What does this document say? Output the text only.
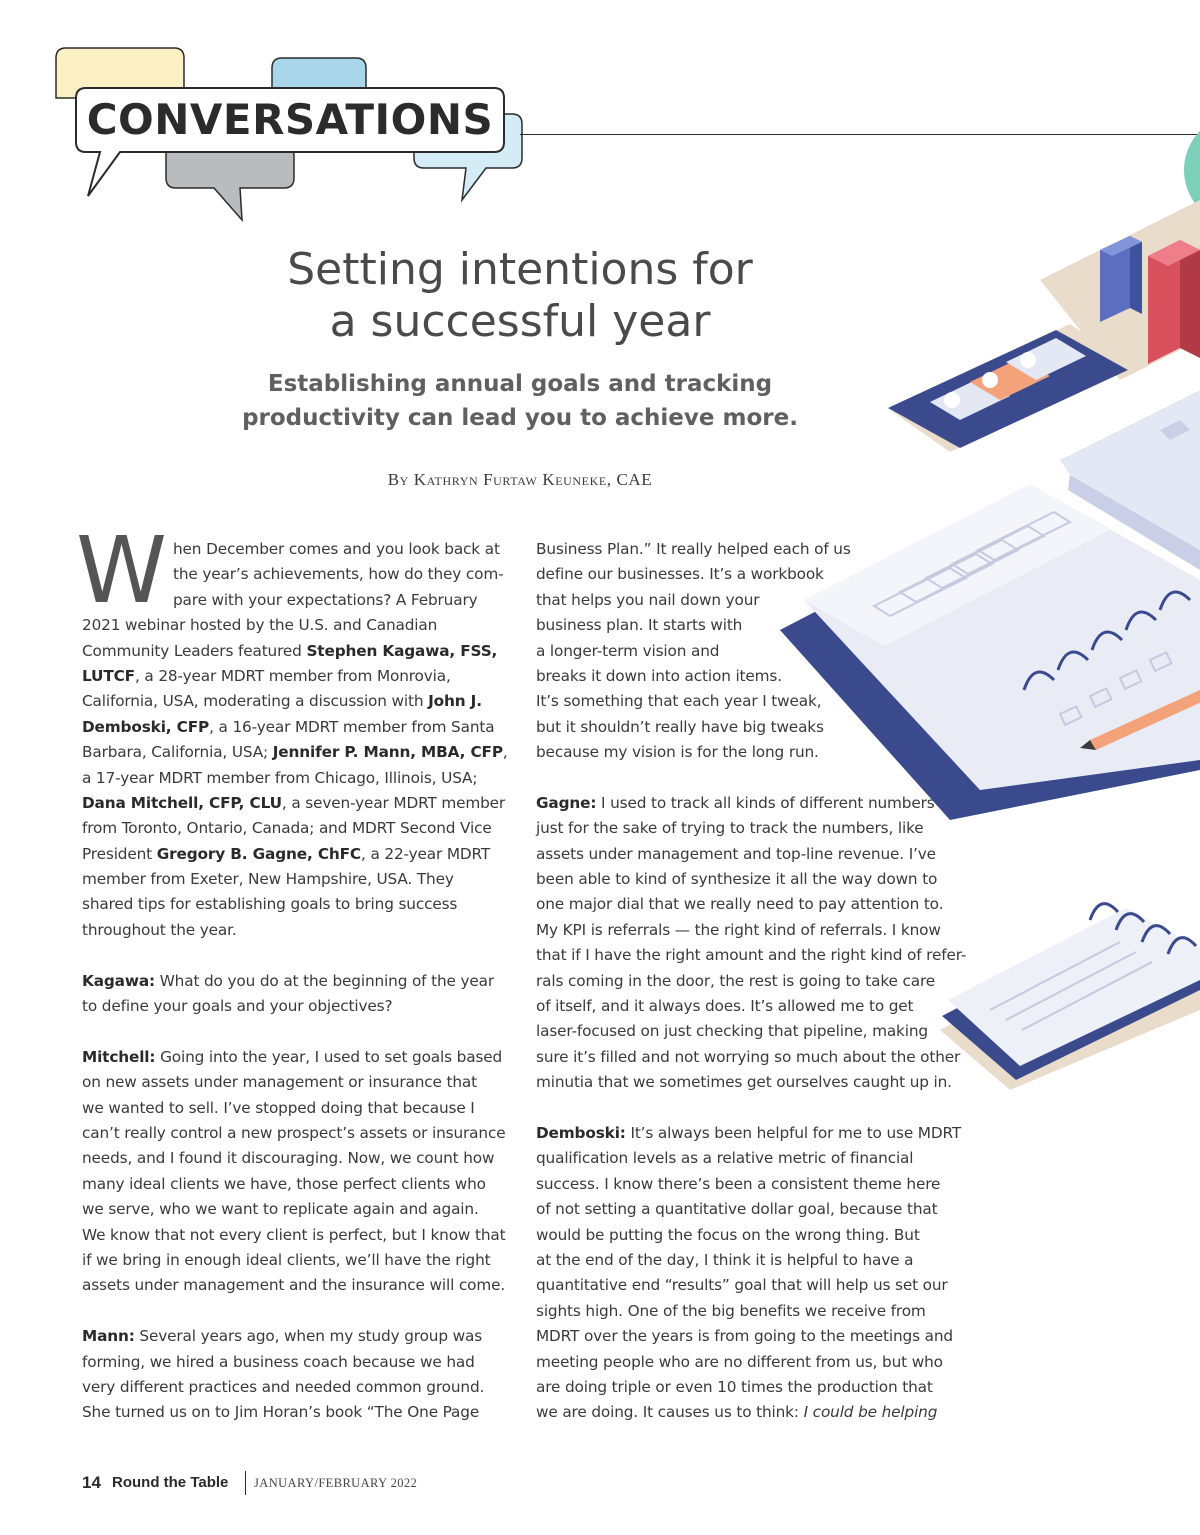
CONVERSATIONS
Setting intentions for
a successful year
Establishing annual goals and tracking
productivity can lead you to achieve more.
By Kathryn Furtaw Keuneke, CAE
W hen December comes and you look back at
the year’s achievements, how do they com-
pare with your expectations? A February
2021 webinar hosted by the U.S. and Canadian
Community Leaders featured Stephen Kagawa, FSS,
LUTCF, a 28-year MDRT member from Monrovia,
California, USA, moderating a discussion with John J.
Demboski, CFP, a 16-year MDRT member from Santa
Barbara, California, USA; Jennifer P. Mann, MBA, CFP,
a 17-year MDRT member from Chicago, Illinois, USA;
Dana Mitchell, CFP, CLU, a seven-year MDRT member
from Toronto, Ontario, Canada; and MDRT Second Vice
President Gregory B. Gagne, ChFC, a 22-year MDRT
member from Exeter, New Hampshire, USA. They
shared tips for establishing goals to bring success
throughout the year.
Kagawa: What do you do at the beginning of the year
to define your goals and your objectives?
Mitchell: Going into the year, I used to set goals based
on new assets under management or insurance that
we wanted to sell. I’ve stopped doing that because I
can’t really control a new prospect’s assets or insurance
needs, and I found it discouraging. Now, we count how
many ideal clients we have, those perfect clients who
we serve, who we want to replicate again and again.
We know that not every client is perfect, but I know that
if we bring in enough ideal clients, we’ll have the right
assets under management and the insurance will come.
Mann: Several years ago, when my study group was
forming, we hired a business coach because we had
very different practices and needed common ground.
She turned us on to Jim Horan’s book “The One Page
Business Plan.” It really helped each of us
define our businesses. It’s a workbook
that helps you nail down your
business plan. It starts with
a longer-term vision and
breaks it down into action items.
It’s something that each year I tweak,
but it shouldn’t really have big tweaks
because my vision is for the long run.
Gagne: I used to track all kinds of different numbers
just for the sake of trying to track the numbers, like
assets under management and top-line revenue. I’ve
been able to kind of synthesize it all the way down to
one major dial that we really need to pay attention to.
My KPI is referrals — the right kind of referrals. I know
that if I have the right amount and the right kind of refer-
rals coming in the door, the rest is going to take care
of itself, and it always does. It’s allowed me to get
laser-focused on just checking that pipeline, making
sure it’s filled and not worrying so much about the other
minutia that we sometimes get ourselves caught up in.
Demboski: It’s always been helpful for me to use MDRT
qualification levels as a relative metric of financial
success. I know there’s been a consistent theme here
of not setting a quantitative dollar goal, because that
would be putting the focus on the wrong thing. But
at the end of the day, I think it is helpful to have a
quantitative end “results” goal that will help us set our
sights high. One of the big benefits we receive from
MDRT over the years is from going to the meetings and
meeting people who are no different from us, but who
are doing triple or even 10 times the production that
we are doing. It causes us to think: I could be helping
14 Round the Table JANUARY/FEBRUARY 2022
